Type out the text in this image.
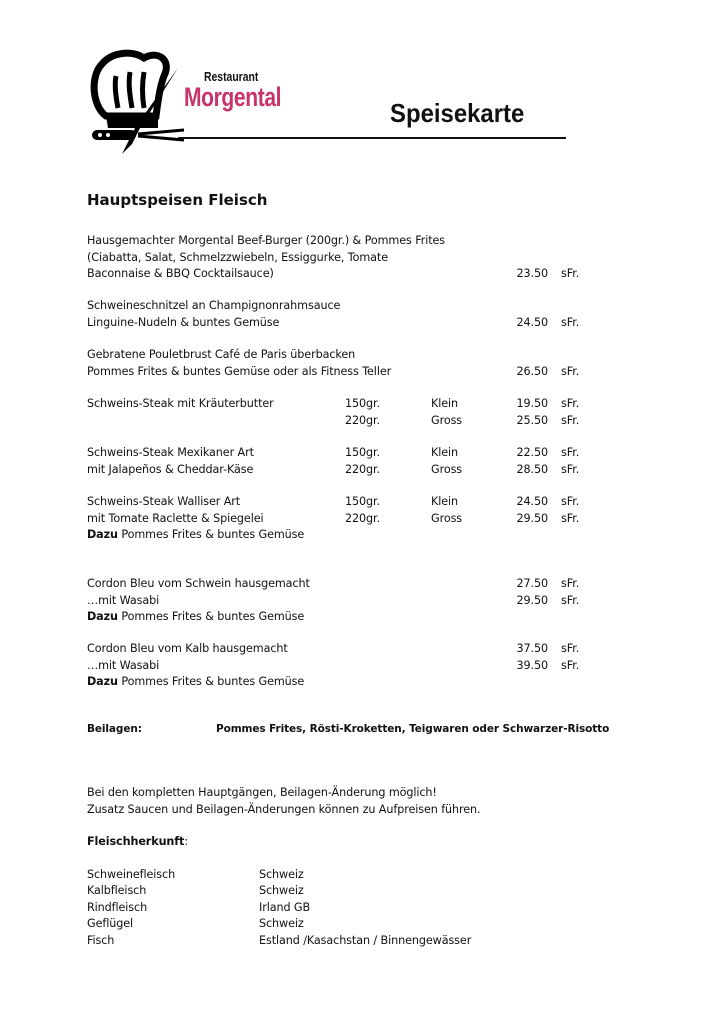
Restaurant
Morgental
Speisekarte
Hauptspeisen Fleisch
Hausgemachter Morgental Beef-Burger (200gr.) & Pommes Frites
(Ciabatta, Salat, Schmelzzwiebeln, Essiggurke, Tomate
Baconnaise & BBQ Cocktailsauce)	23.50 sFr.
Schweineschnitzel an Champignonrahmsauce
Linguine-Nudeln & buntes Gemüse	24.50 sFr.
Gebratene Pouletbrust Café de Paris überbacken
Pommes Frites & buntes Gemüse oder als Fitness Teller	26.50 sFr.
Schweins-Steak mit Kräuterbutter	150gr.	Klein	19.50 sFr.
220gr.	Gross	25.50 sFr.
Schweins-Steak Mexikaner Art	150gr.	Klein	22.50 sFr.
mit Jalapeños & Cheddar-Käse	220gr.	Gross	28.50 sFr.
Schweins-Steak Walliser Art	150gr.	Klein	24.50 sFr.
mit Tomate Raclette & Spiegelei	220gr.	Gross	29.50 sFr.
Dazu Pommes Frites & buntes Gemüse
Cordon Bleu vom Schwein hausgemacht	27.50 sFr.
…mit Wasabi	29.50 sFr.
Dazu Pommes Frites & buntes Gemüse
Cordon Bleu vom Kalb hausgemacht	37.50 sFr.
…mit Wasabi	39.50 sFr.
Dazu Pommes Frites & buntes Gemüse
Beilagen:	Pommes Frites, Rösti-Kroketten, Teigwaren oder Schwarzer-Risotto
Bei den kompletten Hauptgängen, Beilagen-Änderung möglich!
Zusatz Saucen und Beilagen-Änderungen können zu Aufpreisen führen.
Fleischherkunft:
Schweinefleisch	Schweiz
Kalbfleisch	Schweiz
Rindfleisch	Irland GB
Geflügel	Schweiz
Fisch	Estland /Kasachstan / Binnengewässer
